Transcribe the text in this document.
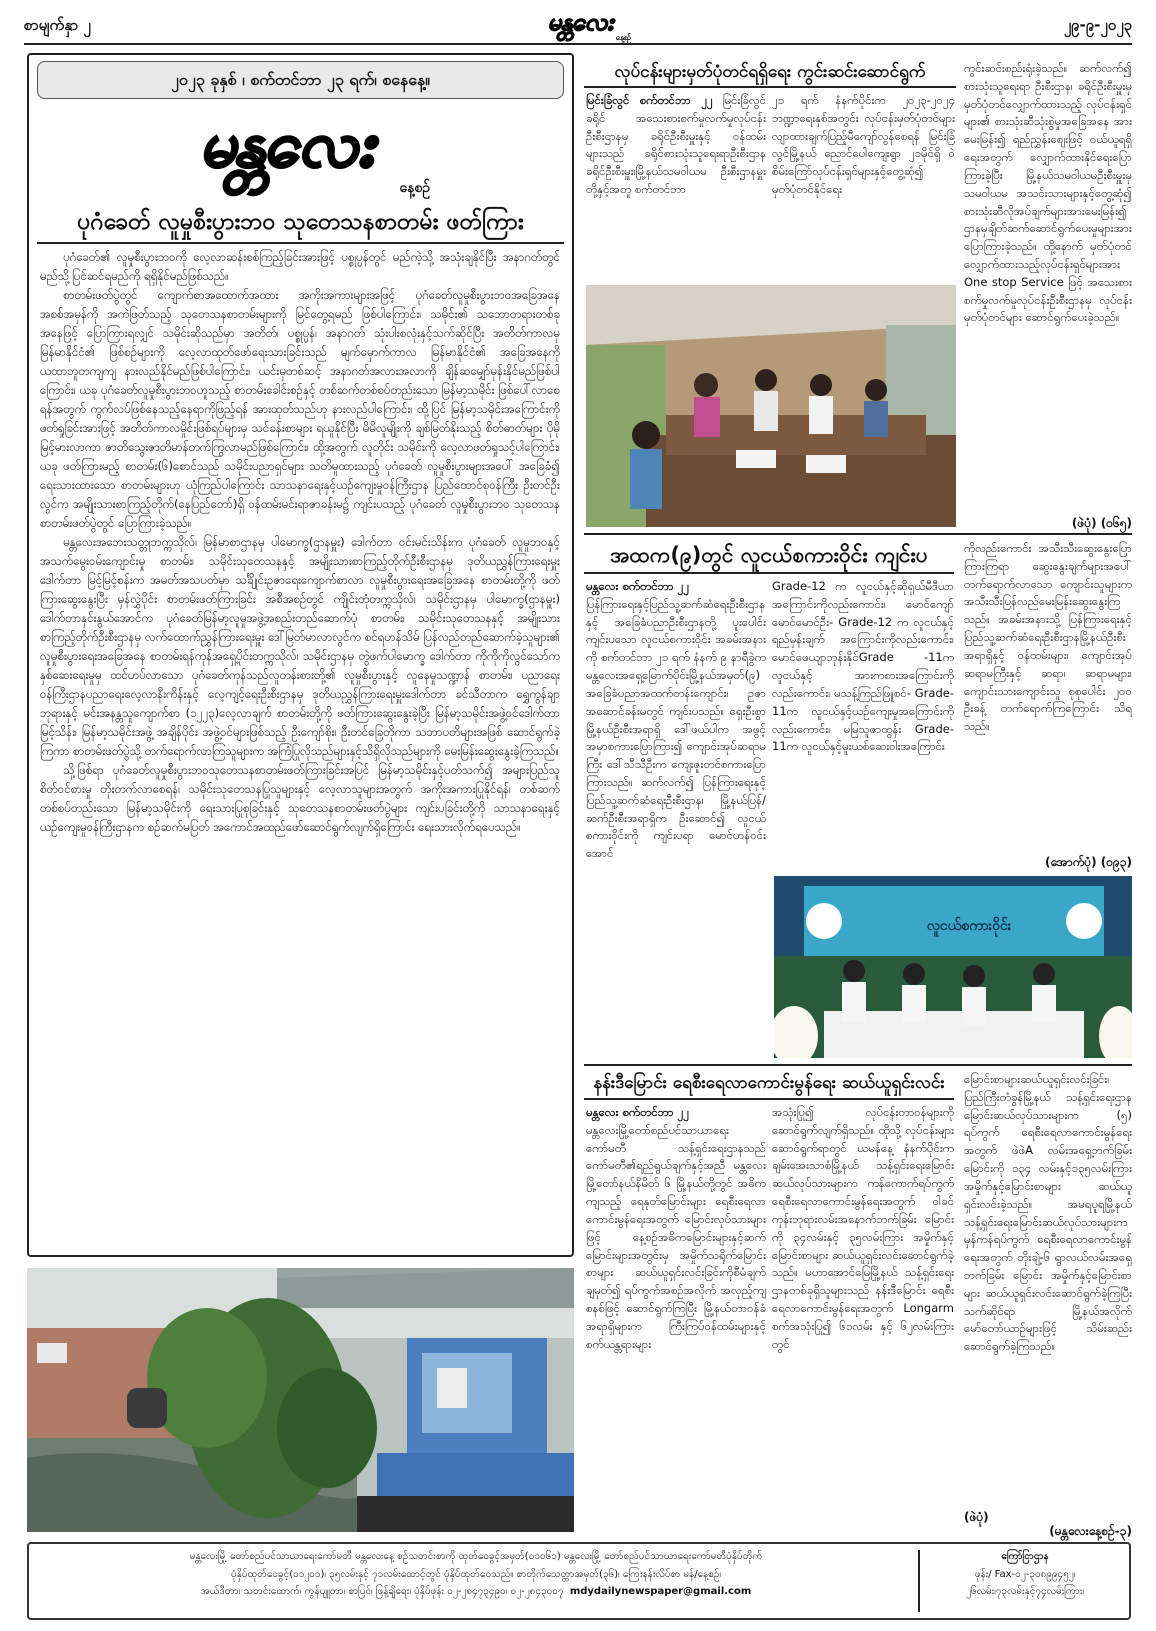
စာမျက်နှာ ၂	မန္တလေး
နေ့စဉ်
၂၉-၉-၂၀၂၃
၂၀၂၃ ခုနှစ် ၊ စက်တင်ဘာ ၂၃ ရက်၊ စနေနေ့။
မန္တလေး
နေ့စဉ်
ပုဂံခေတ် လူမှုစီးပွားဘဝ သုတေသနစာတမ်း ဖတ်ကြား

ပုဂံခေတ်၏ လူမှုစီးပွားဘဝကို လေ့လာဆန်းစစ်ကြည့်ခြင်းအားဖြင့် ပစ္စုပ္ပန်တွင် မည်ကဲ့သို့ အသုံးချနိုင်ပြီး အနာဂတ်တွင် မည်သို့ပြင်ဆင်ရမည်ကို ရရှိနိုင်မည်ဖြစ်သည်။

စာတမ်းဖတ်ပွဲတွင် ကျောက်စာအထောက်အထား အကိုးအကားများအဖြင့် ပုဂံခေတ်လူမှုစီးပွားဘဝအခြေအနေ အစစ်အမှန်ကို အကဲဖြတ်သည့် သုတေသနစာတမ်းများကို မြင်တွေ့ရမည် ဖြစ်ပါကြောင်း၊ သမိုင်း၏ သဘောတရားတစ်ခုအနေဖြင့် ပြောကြားရလျှင် သမိုင်းဆိုသည်မှာ အတိတ်၊ ပစ္စုပ္ပန်၊ အနာဂတ် သုံးပါးစလုံးနှင့်သက်ဆိုင်ပြီး အတိတ်ကာလမှ မြန်မာနိုင်ငံ၏ ဖြစ်စဉ်များကို လေ့လာထုတ်ဖော်ရေးသားခြင်းသည် မျက်မှောက်ကာလ မြန်မာနိုင်ငံ၏ အခြေအနေကို ယထာဘူတကျကျ နားလည်နိုင်မည်ဖြစ်ပါကြောင်း၊ ယင်းမှတစ်ဆင့် အနာဂတ်အလားအလာကို ချိန်ဆမျှော်မှန်းနိုင်မည်ဖြစ်ပါကြောင်း၊ ယခု ပုဂံခေတ်လူမှုစီးပွားဘဝဟူသည့် စာတမ်းခေါင်းစဉ်နှင့် တစ်ဆက်တစ်စပ်တည်းသော မြန်မာ့သမိုင်း ဖြစ်ပေါ်လာစေရန်အတွက် ကွက်လပ်ဖြစ်နေသည့်နေရာကိုဖြည့်ရန် အားထုတ်သည်ဟု နားလည်ပါကြောင်း၊ ထို့ပြင် မြန်မာ့သမိုင်းအကြောင်းကို ဖတ်ရှုခြင်းအားဖြင့် အတိတ်ကာလမှိုင်းဖြစ်ရပ်များမှ သင်ခန်းစာများ ရယူနိုင်ပြီး မိမိလူမျိုးကို ချစ်မြတ်နိုးသည့် စိတ်ဓာတ်များ ပိုမိုမြင့်မားလာကာ ဇာတိသွေးဇာတိမာန်တက်ကြွလာမည်ဖြစ်ကြောင်း၊ ထို့အတွက် လူတိုင်း သမိုင်းကို လေ့လာဖတ်ရှုသင့်ပါကြောင်း၊ ယခု ဖတ်ကြားမည့် စာတမ်း(၆)စောင်သည် သမိုင်းပညာရှင်များ သတိမူထားသည့် ပုဂံခေတ် လူမှုစီးပွားများအပေါ် အခြေခံ၍ ရေးသားထားသော စာတမ်းများဟု ယုံကြည်ပါကြောင်း သာသနာရေးနှင့်ယဉ်ကျေးမှုဝန်ကြီးဌာန ပြည်ထောင်စုဝန်ကြီး ဦးတင်ဦးလွင်က အမျိုးသားစာကြည့်တိုက်(နေပြည်တော်)ရှိ ဝန်ထမ်းမင်းရာဇာခန်းမ၌ ကျင်းပသည့် ပုဂံခေတ် လူမှုစီးပွားဘဝ သုတေသနစာတမ်းဖတ်ပွဲတွင် ပြောကြားခဲ့သည်။

မန္တလေးအဘေးသတ္တုဘက္ကသိုလ်၊ မြန်မာစာဌာနမှ ပါမောက္ခ(ဌာနမှူး) ဒေါက်တာ ဝင်းမင်းသိန်းက ပုဂံခေတ် လူမှုဘဝနှင့် အသက်မွေးဝမ်းကျောင်းမှု စာတမ်း၊ သမိုင်းသုတေသနနှင့် အမျိုးသားစာကြည့်တိုက်ဦးစီးဌာနမှ ဒုတိယညွှန်ကြားရေးမှူး ဒေါက်တာ မြင့်မြင့်စန်းက အမတ်အသပတ်မှာ သင်္ချိုင်းဥဇာရေးကျောက်စာလာ လူမှုစီးပွားရေးအခြေအနေ စာတမ်းတို့ကို ဖတ်ကြားဆွေးနွေးပြီး မှန်လွှဲပိုင်း စာတမ်းဖတ်ကြားခြင်း အစီအစဉ်တွင် ကျိုင်းတုံတက္ကသိုလ်၊ သမိုင်းဌာနမှ ပါမောက္ခ(ဌာနမှူး) ဒေါက်တာနှင်းနွယ်အောင်က ပုဂံခေတ်မြန်မာ့လူမှုအဖွဲ့အစည်းတည်ဆောက်ပုံ စာတမ်း၊ သမိုင်းသုတေသနနှင့် အမျိုးသားစာကြည့်တိုက်ဦးစီးဌာနမှ လက်ထောက်ညွှန်ကြားရေးမှူး ဒေါ်မြတ်မာလာလွင်က စင်ရဟန်သိမ် ပြန်လည်တည်ဆောက်ခဲ့သူများ၏ လူမှုစီးပွားရေးအခြေအနေ စာတမ်းရန်ကုန်အရှေ့ပိုင်းတက္ကသိုလ်၊ သမိုင်းဌာနမှ တွဲဖက်ပါမောက္ခ ဒေါက်တာ ကိုကိုကိုလွင်သော်က နှစ်ဆေးရေးမှုမှ ထင်ဟပ်လာသော ပုဂံခေတ်ကုန်သည်လူတန်းစားတို့၏ လူမှုစီးပွားနှင့် လူနေမှုသဏ္ဍာန် စာတမ်း၊ ပညာရေးဝန်ကြီးဌာနပညာရေးလေ့လာနီးကိန်းနှင့် လေ့ကျင့်ရေးဦးစီးဌာနမှ ဒုတိယညွှန်ကြားရေးမှူးဒေါက်တာ ခင်သီတာက ရွှေကွန်ချာဘုရားနှင့် မင်းအနန္တသူကျောက်စာ (၁၂၂၃)လေ့လာချက် စာတမ်းတို့ကို ဖတ်ကြားဆွေးနွေးခဲ့ပြီး မြန်မာ့သမိုင်းအဖွဲ့ဝင်ဒေါက်တာ မြင့်သိန်း၊ မြန်မာ့သမိုင်းအဖွဲ့ အချိန်ပိုင်း အဖွဲ့ဝင်များဖြစ်သည့် ဦးကျော်စိုး၊ ဦးတင်ခြေတိုကာ သဘာပတိများအဖြစ် ဆောင်ရွက်ခဲ့ကြကာ စာတမ်းဖတ်ပွဲသို့ တက်ရောက်လာကြသူများက အကြံပြုလိုသည်များနှင့်သိရှိလိုသည်များကို မေးမြန်းဆွေးနွေးခဲ့ကြသည်။

သို့ဖြစ်ရာ ပုဂံခေတ်လူမှုစီးပွားဘဝသုတေသနစာတမ်းဖတ်ကြားခြင်းအပြင် မြန်မာ့သမိုင်းနှင့်ပတ်သက်၍ အများပြည်သူစိတ်ဝင်စားမှု တိုးတက်လာစေရန်၊ သမိုင်းသုတေသနပြုသူများနှင့် လေ့လာသူများအတွက် အကိုးအကားပြုနိုင်ရန်၊ တစ်ဆက်တစ်စပ်တည်းသော မြန်မာ့သမိုင်းကို ရေးသားပြုစုခြင်းနှင့် သုတေသနစာတမ်းဖတ်ပွဲများ ကျင်းပခြင်းတို့ကို သာသနာရေးနှင့် ယဉ်ကျေးမှုဝန်ကြီးဌာနက စဉ်ဆက်မပြတ် အကောင်အထည်ဖော်ဆောင်ရွက်လျက်ရှိကြောင်း ရေးသားလိုက်ရပေသည်။

လုပ်ငန်းများမှတ်ပုံတင်ရရှိရေး ကွင်းဆင်းဆောင်ရွက်
မြင်းခြံလွင် စက်တင်ဘာ ၂၂ မြင်းခြံလွင်ခရိုင် အသေးစားစက်မှုလက်မှုလုပ်ငန်းဦးစီးဌာနမှ ခရိုင်ဦးစီးမှူးနှင့် ဝန်ထမ်းများသည် ခရိုင်စားသုံးသူရေးရာဦးစီးဌာန ခရိုင်ဦးစီးမှူး၊မြို့နယ်သမဝါယမ ဦးစီးဌာနမှူးတို့နှင့်အတူ စက်တင်ဘာ
၂၁ ရက် နံနက်ပိုင်းက ၂၀၂၃-၂၀၂၄ ဘဏ္ဍာရေးနှစ်အတွင်း လုပ်ငန်းမှတ်ပုံတင်များ လျာထားချက်ပြည့်မီကျော်လွန်စေရန် မြင်းခြံလွင်မြို့နယ် ညောင်ပေါကျေးရွာ ၂၁မိုင်ရှိ ဝဲစိမ်းကြော်လုပ်ငန်းရှင်များနှင့်တွေ့ဆုံ၍ မှတ်ပုံတင်နိုင်ရေး
ကွင်းဆင်းစည်းရုံးခဲ့သည်။ ဆက်လက်၍ စားသုံးသူရေးရာ ဦးစီးဌာန၊ ခရိုင်ဦးစီးမှူးမှ မှတ်ပုံတင်လျှောက်ထားသည့် လုပ်ငန်းရှင်များ၏ စားသုံးဆီသုံးစွဲမှုအခြေအနေ အားမေးမြန်း၍ ရည်ညွှန်းစျေးဖြင့် ဝယ်ယူရရှိရေးအတွက် လျှောက်ထားနိုင်ရေးပြောကြားခဲ့ပြီး မြို့နယ်သမဝါယမဦးစီးမှူးမှ သမဝါယမ အသင်းသားများနှင့်တွေ့ဆုံ၍ စားသုံးဆီလိုအပ်ချက်များအားမေးမြန်း၍ ဌာနမှချိတ်ဆက်ဆောင်ရွက်ပေးမှုများအား ပြောကြားခဲ့သည်။ ထို့နောက် မှတ်ပုံတင်လျှောက်ထားသည့်လုပ်ငန်းရှင်များအား One stop Service ဖြင့် အသေးစားစက်မှုလက်မှုလုပ်ငန်းဦးစီးဌာနမှ လုပ်ငန်းမှတ်ပုံတင်များ ဆောင်ရွက်ပေးခဲ့သည်။
(ဖဲပုံ) (၀၆၅)
အထက(၉)တွင် လူငယ်စကားဝိုင်း ကျင်းပ
မန္တလေး စက်တင်ဘာ ၂၂
ပြန်ကြားရေးနှင့်ပြည်သူ့ဆက်ဆံရေးဦးစီးဌာနနှင့် အခြေခံပညာဦးစီးဌာနတို့ ပူးပေါင်းကျင်းပသော လူငယ်စကားဝိုင်း အခမ်းအနားကို စက်တင်ဘာ ၂၁ ရက် နံနက် ၉ နာရီခွဲက မန္တလေးအရှေ့မြောက်ပိုင်းမြို့နယ်အမှတ်(၉) အခြေခံပညာအထက်တန်းကျောင်း၊ ဥဇာအဆောင်ခန်းမတွင် ကျင်းပသည်။ ရှေးဦးစွာ မြို့နယ်ဦးစီးအရာရှိ ဒေါ်ဖယ်ပါက အဖွင့်အမှာစကားပြောကြား၍ ကျောင်းအုပ်ဆရာမကြီး ဒေါ်သီသီဦးက ကျေးဇူးတင်စကားပြောကြားသည်။ ဆက်လက်၍ ပြန်ကြားရေးနှင့်ပြည်သူ့ဆက်ဆံရေးဦးစီးဌာန၊ မြို့နယ်ပြန်/ဆက်ဦးစီးအရာရှိက ဦးဆောင်၍ လူငယ်စကားဝိုင်းကို ကျင်းပရာ မောင်ဟန်ဝင်းအောင်
Grade-12 က လူငယ်နှင့်ဆိုရှယ်မီဒီယာအကြောင်းကိုလည်းကောင်း၊ မောင်ကျော်မောင်မောင်ဦး- Grade-12 က လူငယ်နှင့်ရည်မှန်းချက် အကြောင်းကိုလည်းကောင်း၊ မောင်ဖေယျာဘုန်းနိုင်Grade -11က လူငယ်နှင့် အားကစားအကြောင်းကိုလည်းကောင်း၊ မသန့်ကြည်ဖြူစင်- Grade-11က လူငယ်နှင့်ယဉ်ကျေးမှုအကြောင်းကိုလည်းကောင်း၊ မမြသူဇာထွန်း Grade-11က လူငယ်နှင့်မူးယစ်ဆေးဝါးအကြောင်း
ကိုလည်းကောင်း အသီးသီးဆွေးနွေးပြောကြားကြရာ ဆွေးနွေးချက်များအပေါ် တက်ရောက်လာသော ကျောင်းသူများက အသီးသီးပြန်လည်မေးမြန်းဆွေးနွေးကြသည်။ အခမ်းအနားသို့ ပြန်ကြားရေးနှင့်ပြည်သူ့ဆက်ဆံရေးဦးစီးဌာနမြို့နယ်ဦးစီးအရာရှိနှင့် ဝန်ထမ်းများ၊ ကျောင်းအုပ်ဆရာမကြီးနှင့် ဆရာ၊ ဆရာမများ၊ ကျောင်းသားကျောင်းသူ စုစုပေါင်း ၂၀၀ ဦးခန့် တက်ရောက်ကြကြောင်း သိရသည်။
(အောက်ပုံ) (၀၉၃)
လူငယ်စကားဝိုင်း
နန်းဒီမြောင်း ရေစီးရေလာကောင်းမွန်ရေး ဆယ်ယူရှင်းလင်း
မန္တလေး စက်တင်ဘာ ၂၂
မန္တလေးမြို့တော်စည်ပင်သာယာရေးကော်မတီ သန့်ရှင်းရေးဌာနသည် ကော်မတီ၏ရည်ရွယ်ချက်နှင့်အညီ မန္တလေးမြို့တော်နယ်နိမိတ် ၆ မြို့နယ်တို့တွင် အဓိကကျသည့် ရေနုတ်မြောင်းများ ရေစီးရေလာကောင်းမွန်ရေးအတွက် မြောင်းလုပ်သားများဖြင့် နေ့စဉ်အဓိကမြောင်းများနှင့်ဆက်မြောင်းများအတွင်းမှ အမှိုက်သရိုက်မြောင်းစာများ ဆယ်ယူရှင်းလင်းခြင်းကိုစီမံချက်ချမှတ်၍ ရပ်ကွက်အစဉ်အလိုက် အလှည့်ကျစနစ်ဖြင့် ဆောင်ရွက်ကြပြီး မြို့နယ်တာဝန်ခံ အရာရှိများက ကြီးကြပ်ဝန်ထမ်းများနှင့်စက်ယန္တရားများ
အသုံးပြု၍ လုပ်ငန်းတာဝန်များကို ဆောင်ရွက်လျက်ရှိသည်။ ထိုသို့ လုပ်ငန်းများဆောင်ရွက်ရာတွင် ယမန်နေ့ နံနက်ပိုင်းက ချမ်းအေးသာစံမြို့နယ် သန့်ရှင်းရေးမြောင်းဆယ်လုပ်သားများက ကန်ကောက်ရပ်ကွက် ရေစီးရေလာကောင်းမွန်ရေးအတွက် ဝါခင်ကုန်းဘုရားလမ်းအနောက်ဘက်ခြမ်း မြောင်းကို ၃၄လမ်းနှင့် ၃၅လမ်းကြား အမှိုက်နှင့်မြောင်းစာများ ဆယ်ယူရှင်းလင်းဆောင်ရွက်ခဲ့သည်။ မဟာအောင်မြေမြို့နယ် သန့်ရှင်းရေးဌာနတစ်ခုရှိသူများသည် နန်းဒီမြောင်း ရေစီးရေလာကောင်းမွန်ရေးအတွက် Longarm စက်အသုံးပြု၍ ၆၁လမ်း နှင့် ၆၂လမ်းကြားတွင်
မြောင်းစာများဆယ်ယူရှင်းလင်းခြင်း၊ ပြည်ကြီးတံခွန်မြို့နယ် သန့်ရှင်းရေးဌာန မြောင်းဆယ်လုပ်သားများက (၅) ရပ်ကွက် ရေစီးရေလာကောင်းမွန်ရေးအတွက် ဖဲဖဲA လမ်းအရှေ့ဘက်ခြမ်း မြောင်းကို ၁၃၄ လမ်းနှင့်၁၃၅လမ်းကြားအမှိုက်နှင့်မြောင်းစာများ ဆယ်ယူရှင်းလင်းခဲ့သည်။ အမရပူရမြို့နယ် သန့်ရှင်းရေးမြောင်းဆယ်လုပ်သားများက မှန်ကန်ရပ်ကွက် ရေစီးရေလာကောင်းမွန်ရေးအတွက် တိုးချဲ့-၆ ရွာလယ်လမ်းအရှေ့ဘက်ခြမ်း မြောင်း အမှိုက်နှင့်မြောင်းစာများ ဆယ်ယူရှင်းလင်းဆောင်ရွက်ခဲ့ကြပြီး သက်ဆိုင်ရာ မြို့နယ်အလိုက် မော်တော်ယာဉ်များဖြင့် သိမ်းဆည်းဆောင်ရွက်ခဲ့ကြသည်။
(ဖဲပုံ)
(မန္တလေးနေ့စဉ်-၃)
မန္တလေးမြို့ တော်စည်ပင်သာယာရေးကော်မတီ မန္တလေးနေ့ စဉ်သတင်းစာကို ထုတ်ဝေခွင့်အမှတ်(၀၁၀၆၁) မန္တလေးမြို့ တော်စည်ပင်သာယာရေးကော်မတီပုံနှိပ်တိုက်
ပုံနှိပ်ထုတ်ဝေခွင့်(၀၁၂၀၁)၊ ၃၅လမ်းနှင့် ၇၁လမ်းထောင့်တွင် ပုံနှိပ်ထုတ်ဝေသည်။ စာတိုက်သေတ္တာအမှတ်(၃၆)၊ ကြေးနန်းလိပ်စာ မန်/နေ့စဉ်၊
အယ်ဒီတာ၊ သတင်းထောက်၊ ကွန်ပျူတာ၊ စာပြင်၊ ဖြန့်ချိရေး၊ ပုံနှိပ်ဖုန်း ၀၂-၂၈၄၇၃၄၉၀၊ ၀၂-၂၈၄၃၀၀၇ mdydailynewspaper@gmail.com
ကြော်ငြာဌာန
ဖုန်း/ Fax-၀၂-၃၀၈၉၉၄၅၂၊
၂၆လမ်း၊၇၃လမ်းနှင့်၇၄လမ်းကြား၊
